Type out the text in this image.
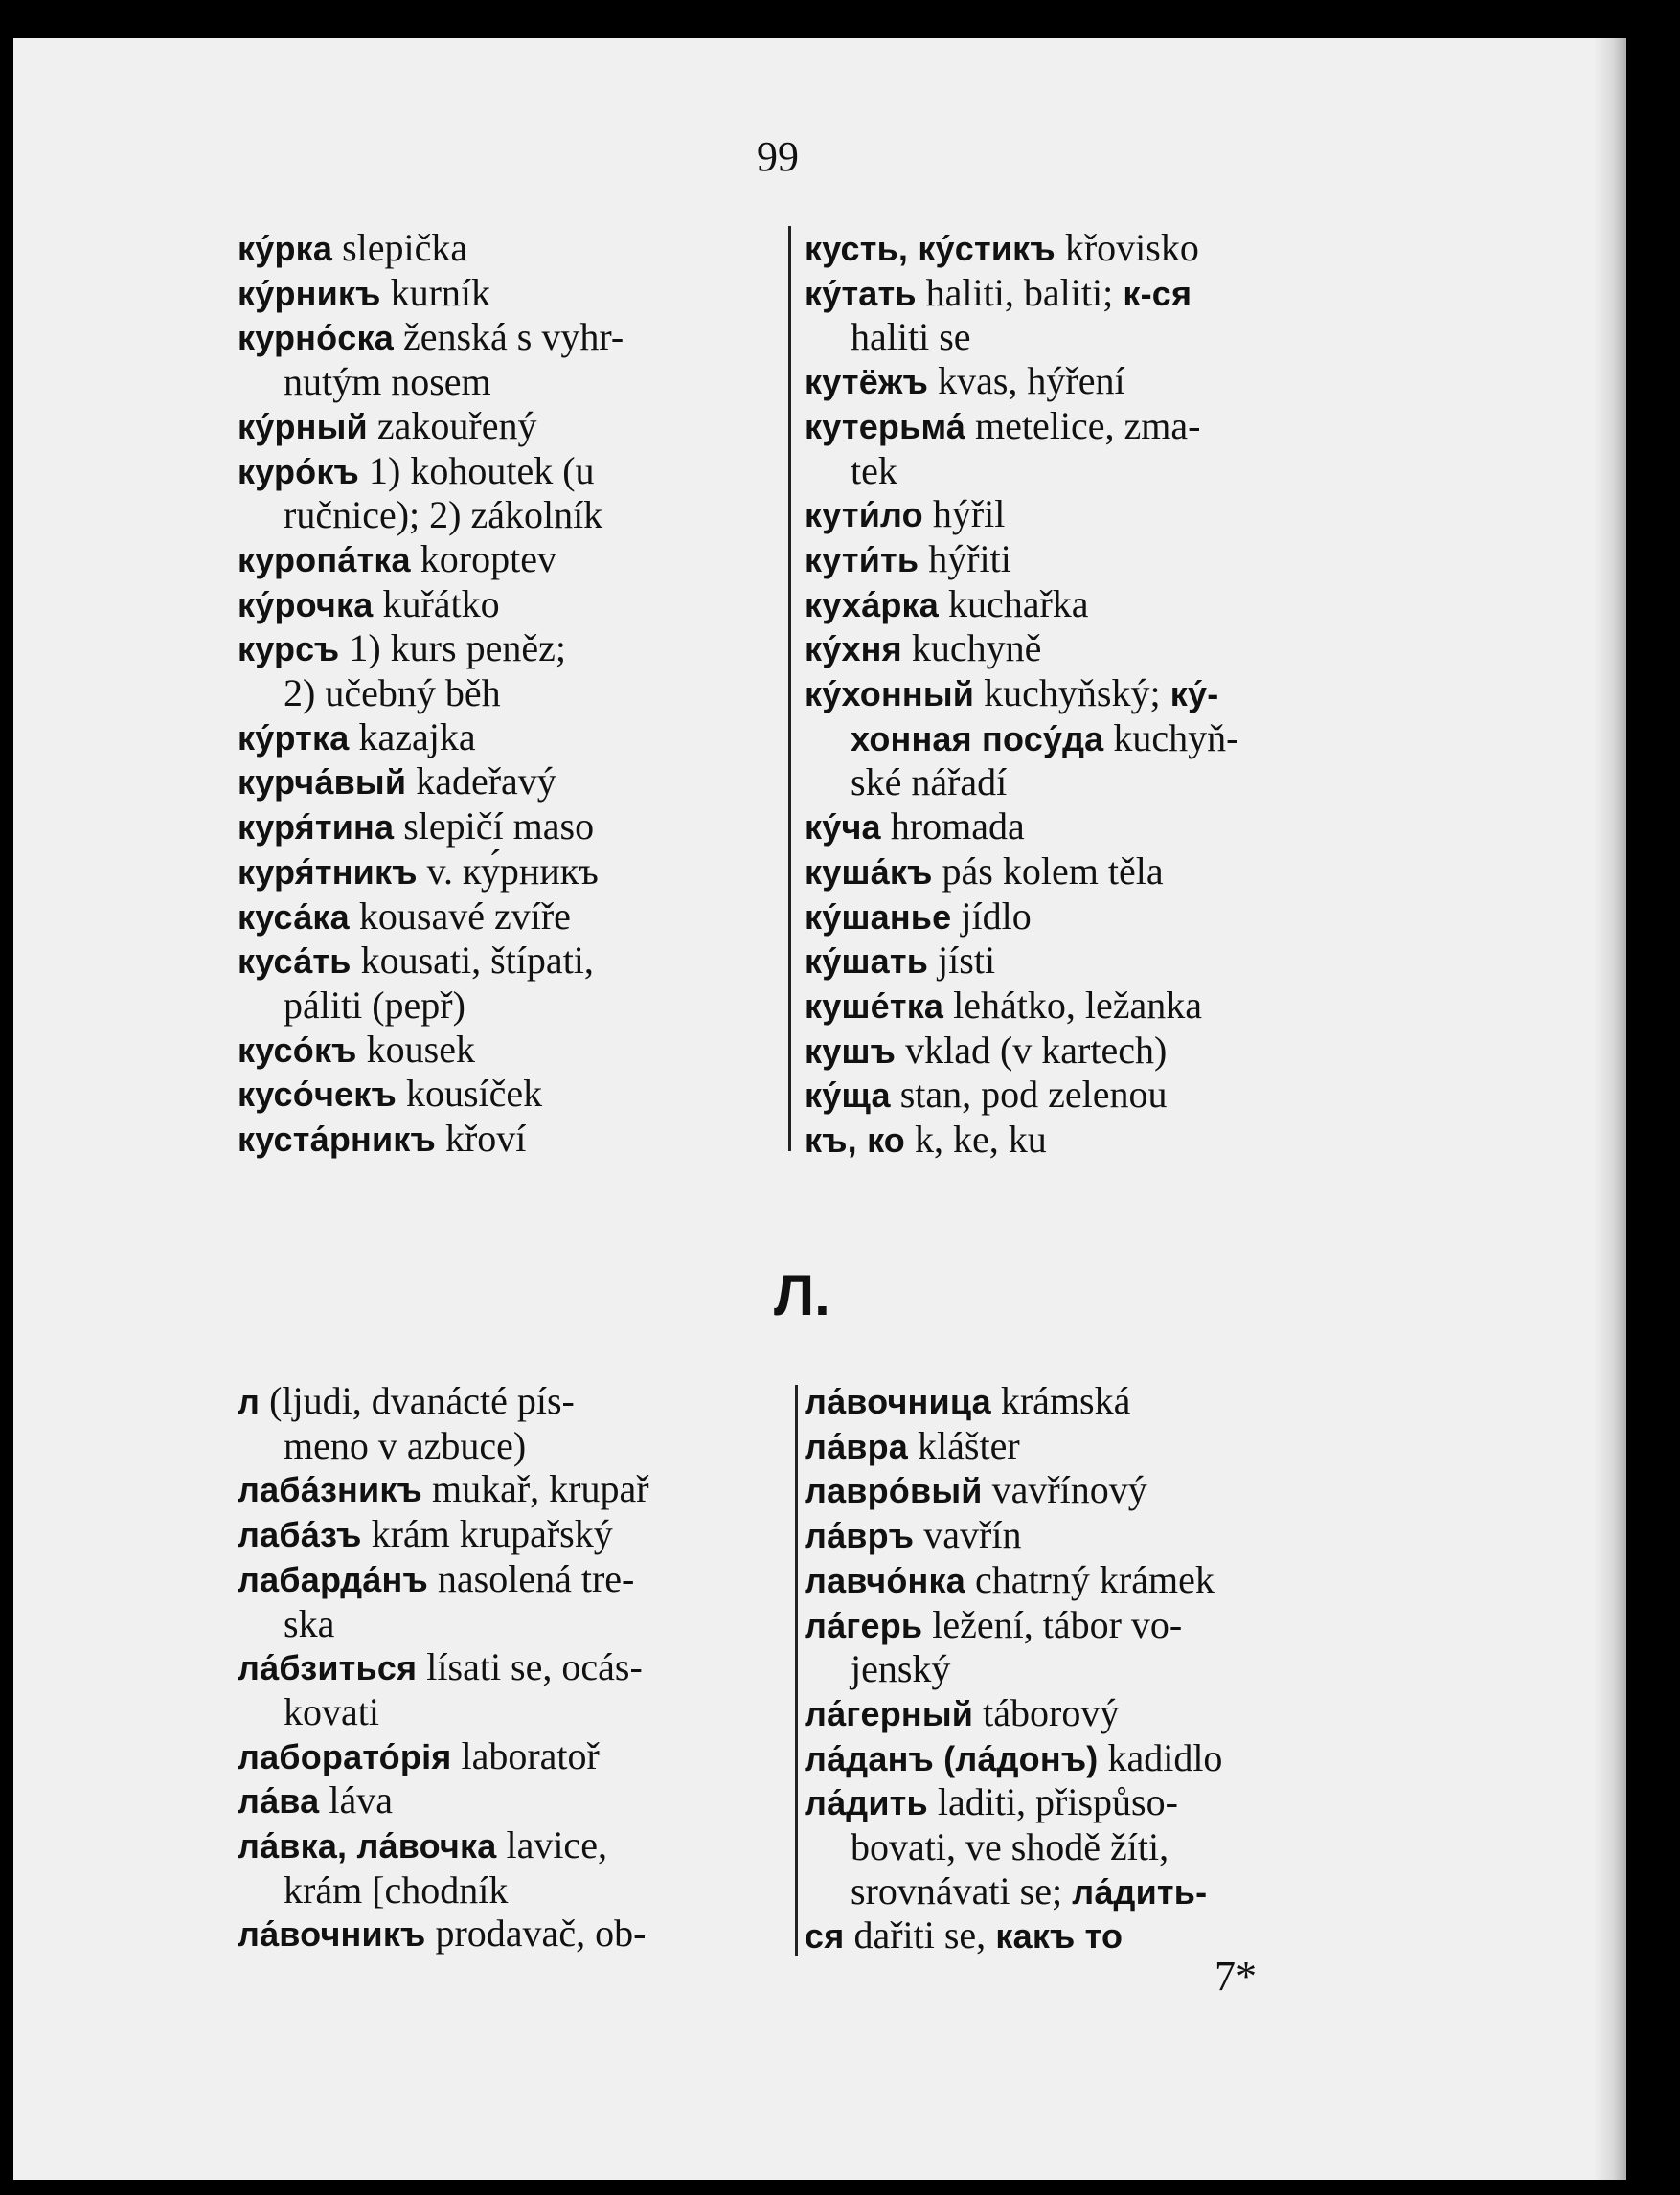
99
ку́рка slepička
ку́рникъ kurník
курно́ска ženská s vyhr-
nutým nosem
ку́рный zakouřený
куро́къ 1) kohoutek (u
ručnice); 2) zákolník
куропа́тка koroptev
ку́рочка kuřátko
курсъ 1) kurs peněz;
2) učebný běh
ку́ртка kazajka
курча́вый kadeřavý
куря́тина slepičí maso
куря́тникъ v. ку́рникъ
куса́ка kousavé zvíře
куса́ть kousati, štípati,
páliti (pepř)
кусо́къ kousek
кусо́чекъ kousíček
куста́рникъ křoví
кусть, ку́стикъ křovisko
ку́тать haliti, baliti; к-ся
haliti se
кутёжъ kvas, hýření
кутерьма́ metelice, zma-
tek
кути́ло hýřil
кути́ть hýřiti
куха́рка kuchařka
ку́хня kuchyně
ку́хонный kuchyňský; ку́-
хонная посу́да kuchyň-
ské nářadí
ку́ча hromada
куша́къ pás kolem těla
ку́шанье jídlo
ку́шать jísti
куше́тка lehátko, ležanka
кушъ vklad (v kartech)
ку́ща stan, pod zelenou
къ, ко k, ke, ku
Л.
л (ljudi, dvanácté pís-
meno v azbuce)
лаба́зникъ mukař, krupař
лаба́зъ krám krupařský
лабарда́нъ nasolená tre-
ska
ла́бзиться lísati se, ocás-
kovati
лаборато́рія laboratoř
ла́ва láva
ла́вка, ла́вочка lavice,
krám [chodník
ла́вочникъ prodavač, ob-
ла́вочница krámská
ла́вра klášter
лавро́вый vavřínový
ла́връ vavřín
лавчо́нка chatrný krámek
ла́герь ležení, tábor vo-
jenský
ла́герный táborový
ла́данъ (ла́донъ) kadidlo
ла́дить laditi, přispůso-
bovati, ve shodě žíti,
srovnávati se; ла́дить-
ся dařiti se, какъ то
7*
